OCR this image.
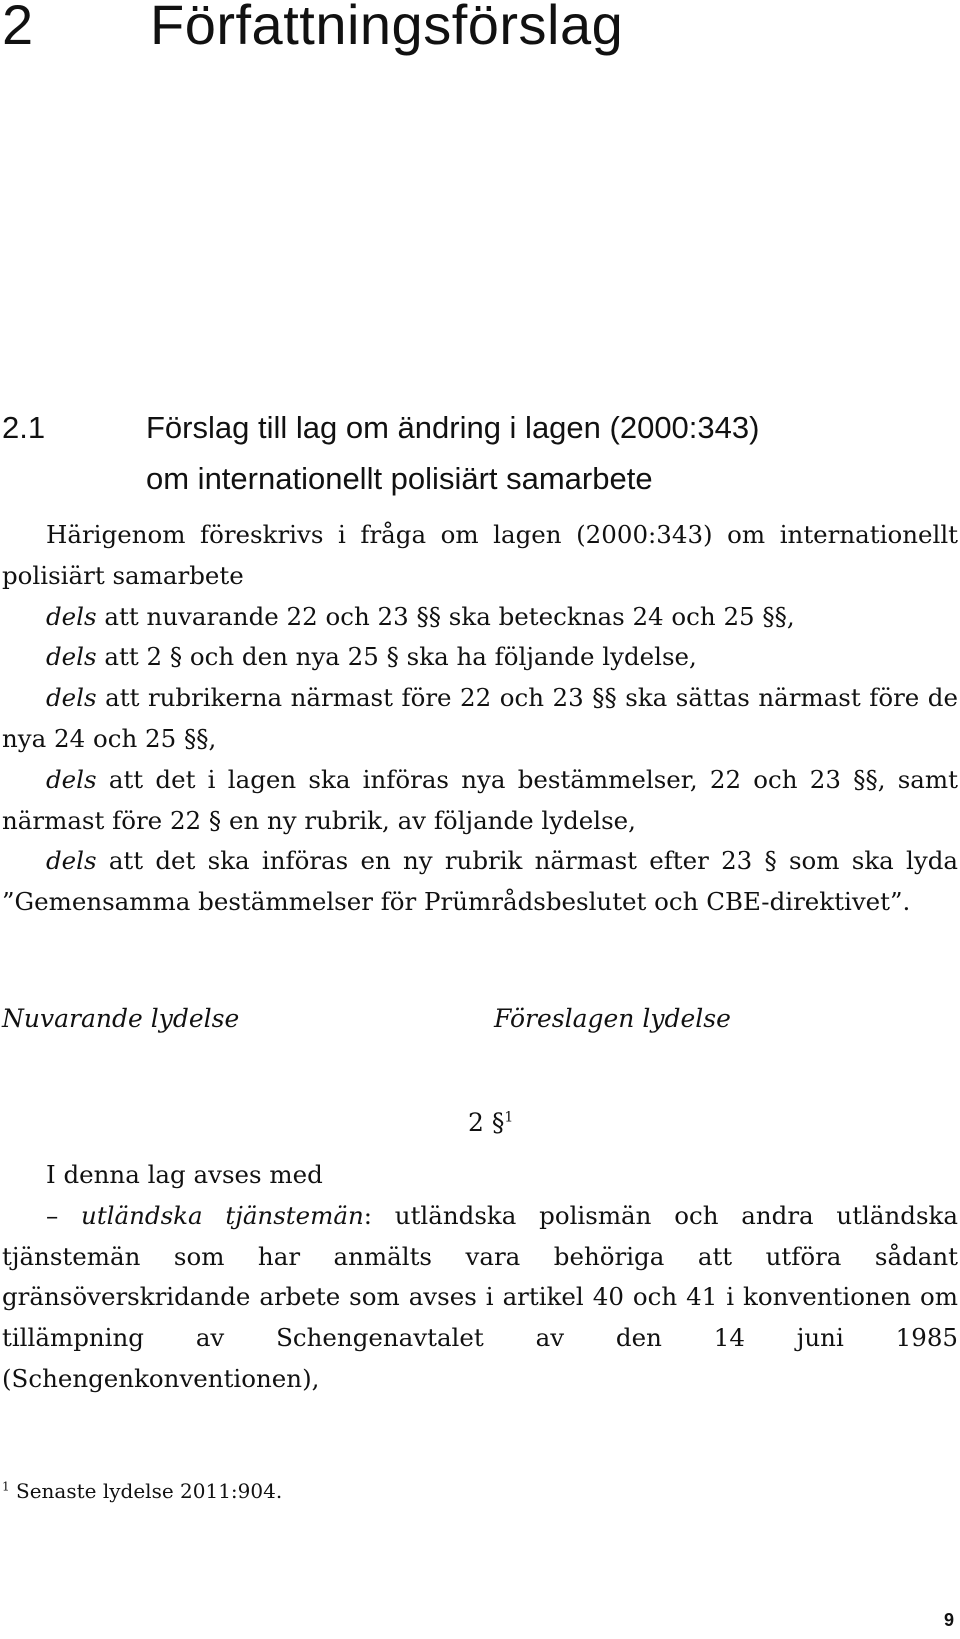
2 Författningsförslag
2.1	Förslag till lag om ändring i lagen (2000:343)
om internationellt polisiärt samarbete

Härigenom föreskrivs i fråga om lagen (2000:343) om internationellt polisiärt samarbete

dels att nuvarande 22 och 23 §§ ska betecknas 24 och 25 §§,

dels att 2 § och den nya 25 § ska ha följande lydelse,

dels att rubrikerna närmast före 22 och 23 §§ ska sättas närmast före de nya 24 och 25 §§,

dels att det i lagen ska införas nya bestämmelser, 22 och 23 §§, samt närmast före 22 § en ny rubrik, av följande lydelse,

dels att det ska införas en ny rubrik närmast efter 23 § som ska lyda ”Gemensamma bestämmelser för Prümrådsbeslutet och CBE-direktivet”.

Nuvarande lydelse	Föreslagen lydelse
2 §$^1$

I denna lag avses med

– utländska tjänstemän: utländska polismän och andra utländska tjänstemän som har anmälts vara behöriga att utföra sådant gränsöverskridande arbete som avses i artikel 40 och 41 i konventionen om tillämpning av Schengenavtalet av den 14 juni 1985 (Schengenkonventionen),

$^1$ Senaste lydelse 2011:904.
9
